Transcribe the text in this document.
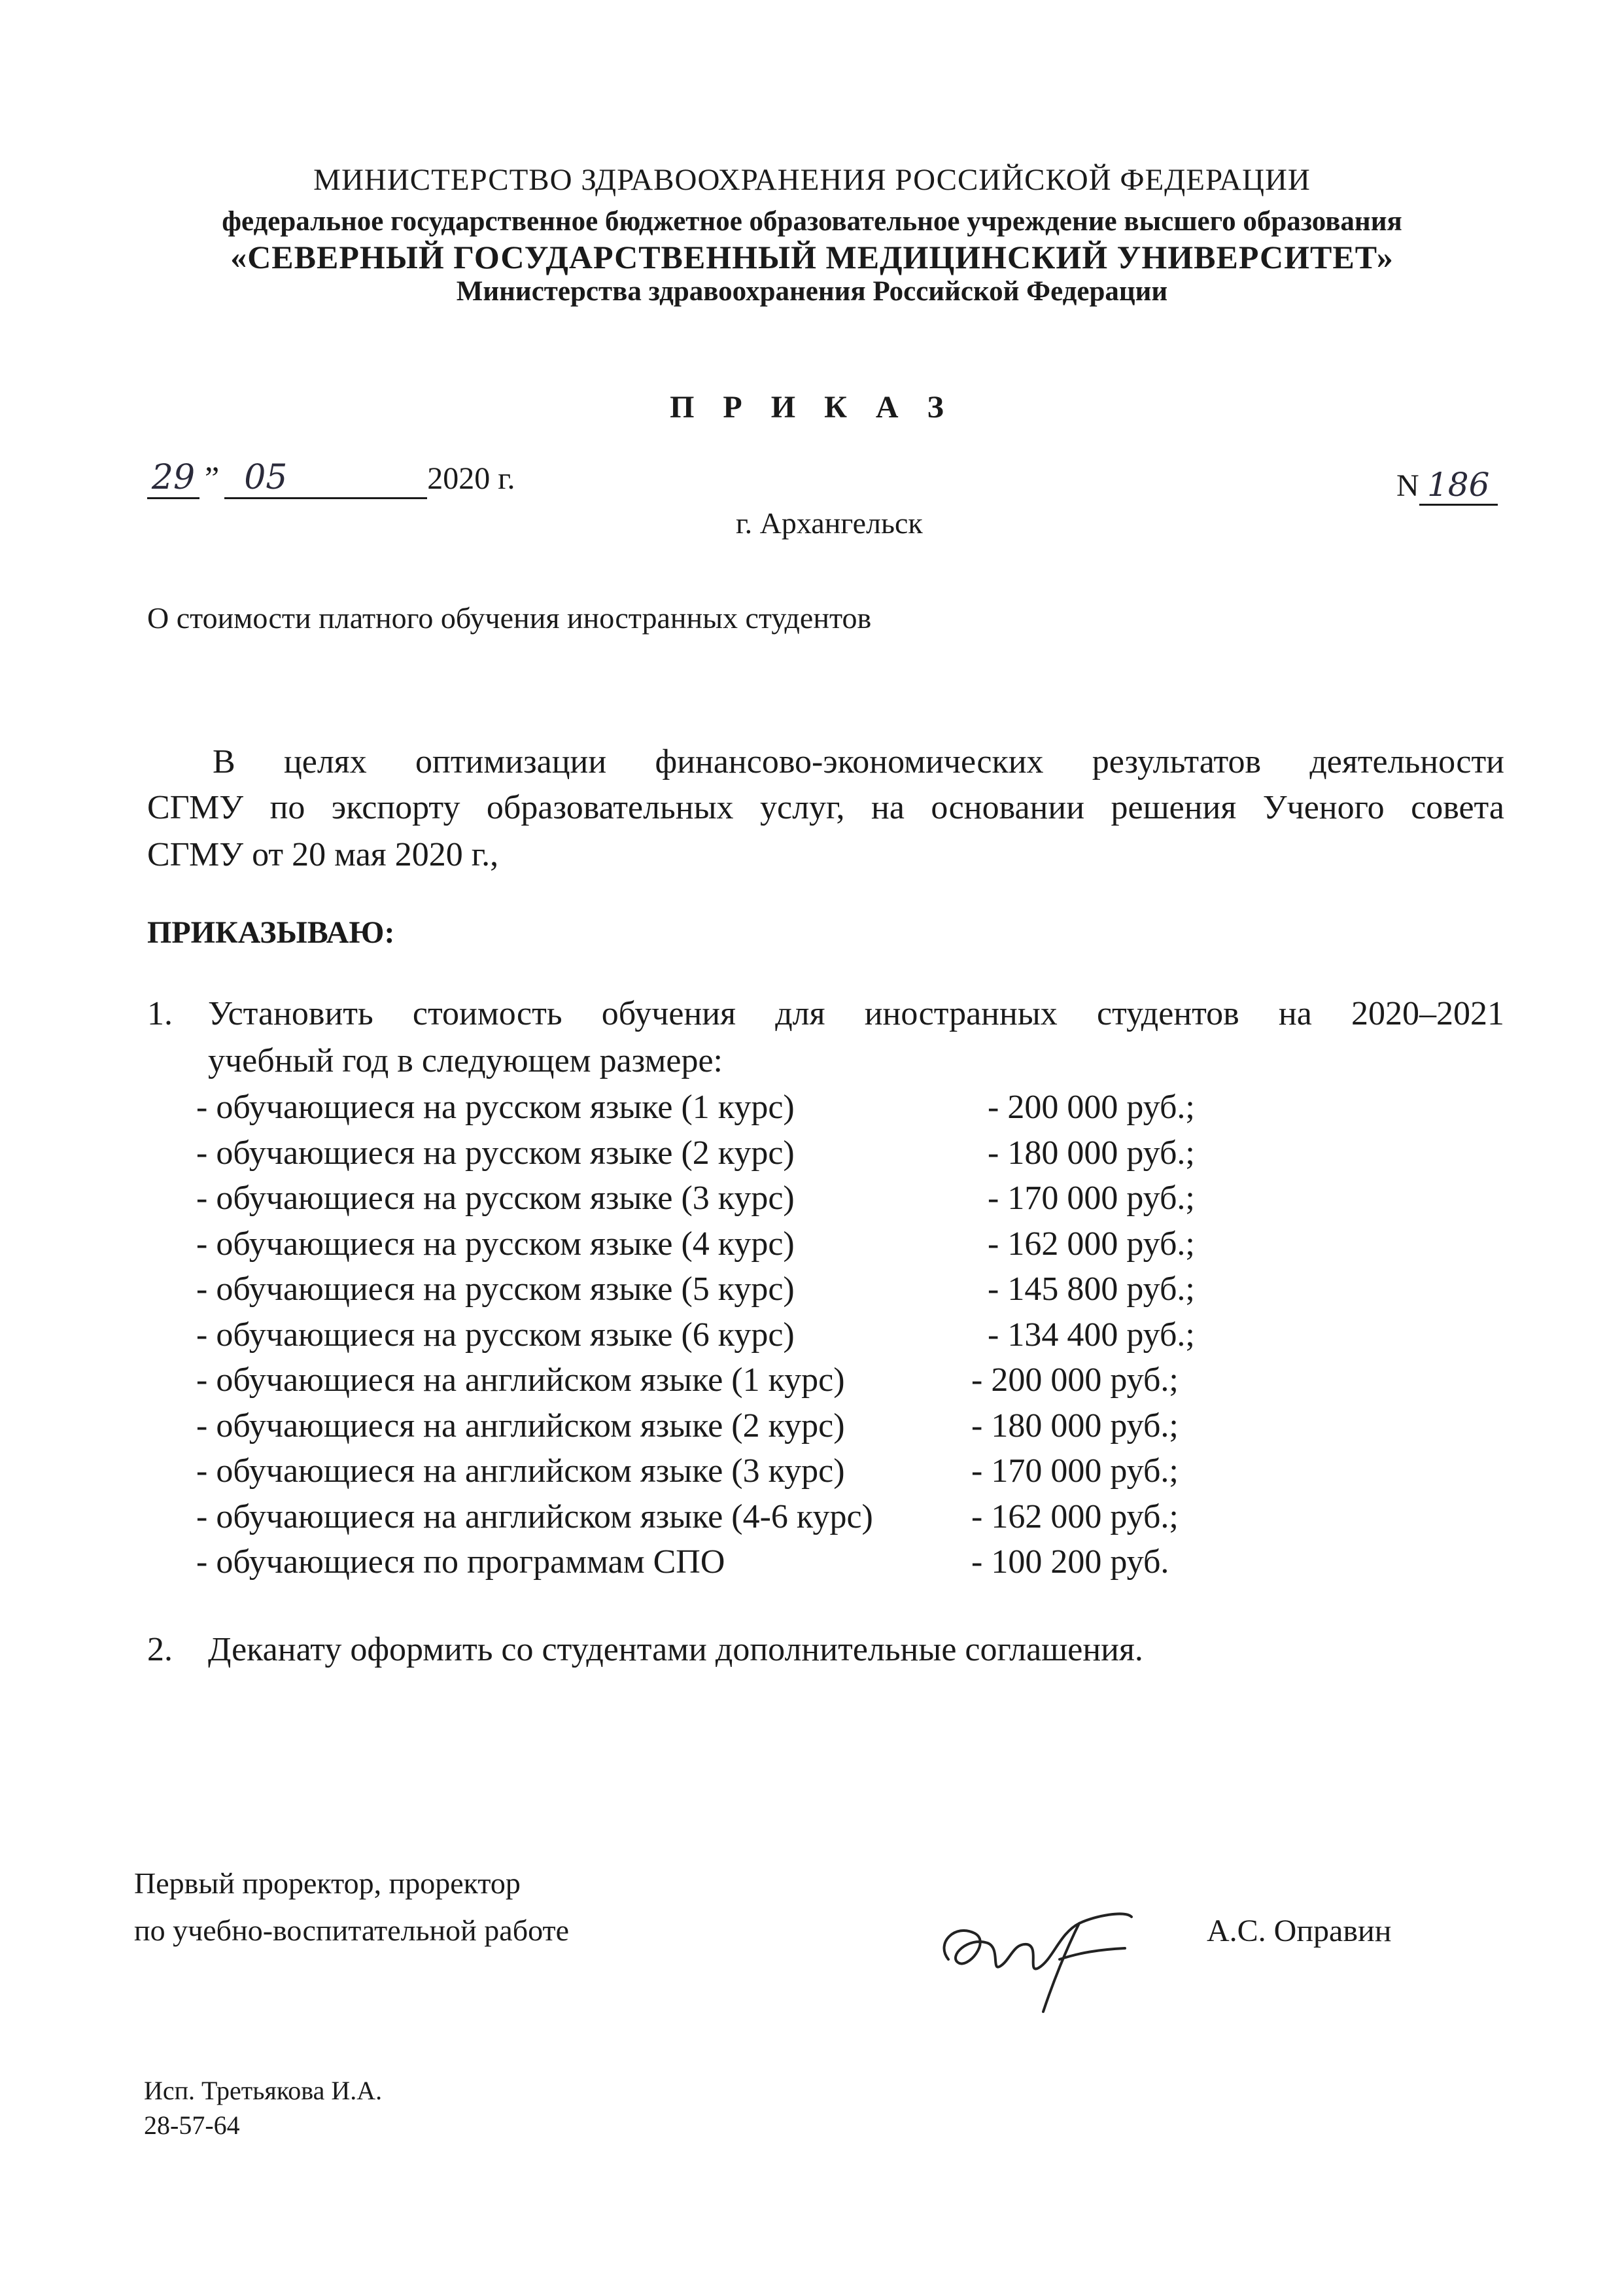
МИНИСТЕРСТВО ЗДРАВООХРАНЕНИЯ РОССИЙСКОЙ ФЕДЕРАЦИИ
федеральное государственное бюджетное образовательное учреждение высшего образования
«СЕВЕРНЫЙ ГОСУДАРСТВЕННЫЙ МЕДИЦИНСКИЙ УНИВЕРСИТЕТ»
Министерства здравоохранения Российской Федерации
П Р И К А З
29 ” 05	2020 г.	N 186
г. Архангельск
О стоимости платного обучения иностранных студентов
В целях оптимизации финансово-экономических результатов деятельности
СГМУ по экспорту образовательных услуг, на основании решения Ученого совета
СГМУ от 20 мая 2020 г.,
ПРИКАЗЫВАЮ:
1. Установить стоимость обучения для иностранных студентов на 2020–2021
учебный год в следующем размере:
- обучающиеся на русском языке (1 курс)	- 200 000 руб.;
- обучающиеся на русском языке (2 курс)	- 180 000 руб.;
- обучающиеся на русском языке (3 курс)	- 170 000 руб.;
- обучающиеся на русском языке (4 курс)	- 162 000 руб.;
- обучающиеся на русском языке (5 курс)	- 145 800 руб.;
- обучающиеся на русском языке (6 курс)	- 134 400 руб.;
- обучающиеся на английском языке (1 курс)	- 200 000 руб.;
- обучающиеся на английском языке (2 курс)	- 180 000 руб.;
- обучающиеся на английском языке (3 курс)	- 170 000 руб.;
- обучающиеся на английском языке (4-6 курс)	- 162 000 руб.;
- обучающиеся по программам СПО	- 100 200 руб.
2. Деканату оформить со студентами дополнительные соглашения.
Первый проректор, проректор
по учебно-воспитательной работе	А.С. Оправин
Исп. Третьякова И.А.
28-57-64
